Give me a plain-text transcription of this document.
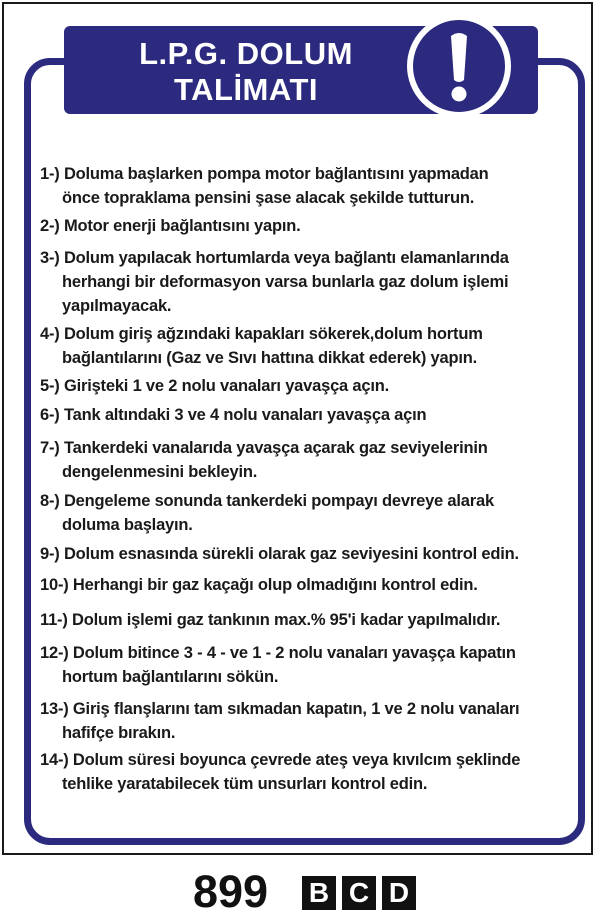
L.P.G. DOLUM
TALİMATI
1-) Doluma başlarken pompa motor bağlantısını yapmadan
önce topraklama pensini şase alacak şekilde tutturun.
2-) Motor enerji bağlantısını yapın.
3-) Dolum yapılacak hortumlarda veya bağlantı elamanlarında
herhangi bir deformasyon varsa bunlarla gaz dolum işlemi
yapılmayacak.
4-) Dolum giriş ağzındaki kapakları sökerek,dolum hortum
bağlantılarını (Gaz ve Sıvı hattına dikkat ederek) yapın.
5-) Girişteki 1 ve 2 nolu vanaları yavaşça açın.
6-) Tank altındaki 3 ve 4 nolu vanaları yavaşça açın
7-) Tankerdeki vanalarıda yavaşça açarak gaz seviyelerinin
dengelenmesini bekleyin.
8-) Dengeleme sonunda tankerdeki pompayı devreye alarak
doluma başlayın.
9-) Dolum esnasında sürekli olarak gaz seviyesini kontrol edin.
10-) Herhangi bir gaz kaçağı olup olmadığını kontrol edin.
11-) Dolum işlemi gaz tankının max.% 95'i kadar yapılmalıdır.
12-) Dolum bitince 3 - 4 - ve 1 - 2 nolu vanaları yavaşça kapatın
hortum bağlantılarını sökün.
13-) Giriş flanşlarını tam sıkmadan kapatın, 1 ve 2 nolu vanaları
hafifçe bırakın.
14-) Dolum süresi boyunca çevrede ateş veya kıvılcım şeklinde
tehlike yaratabilecek tüm unsurları kontrol edin.
899 B C D
